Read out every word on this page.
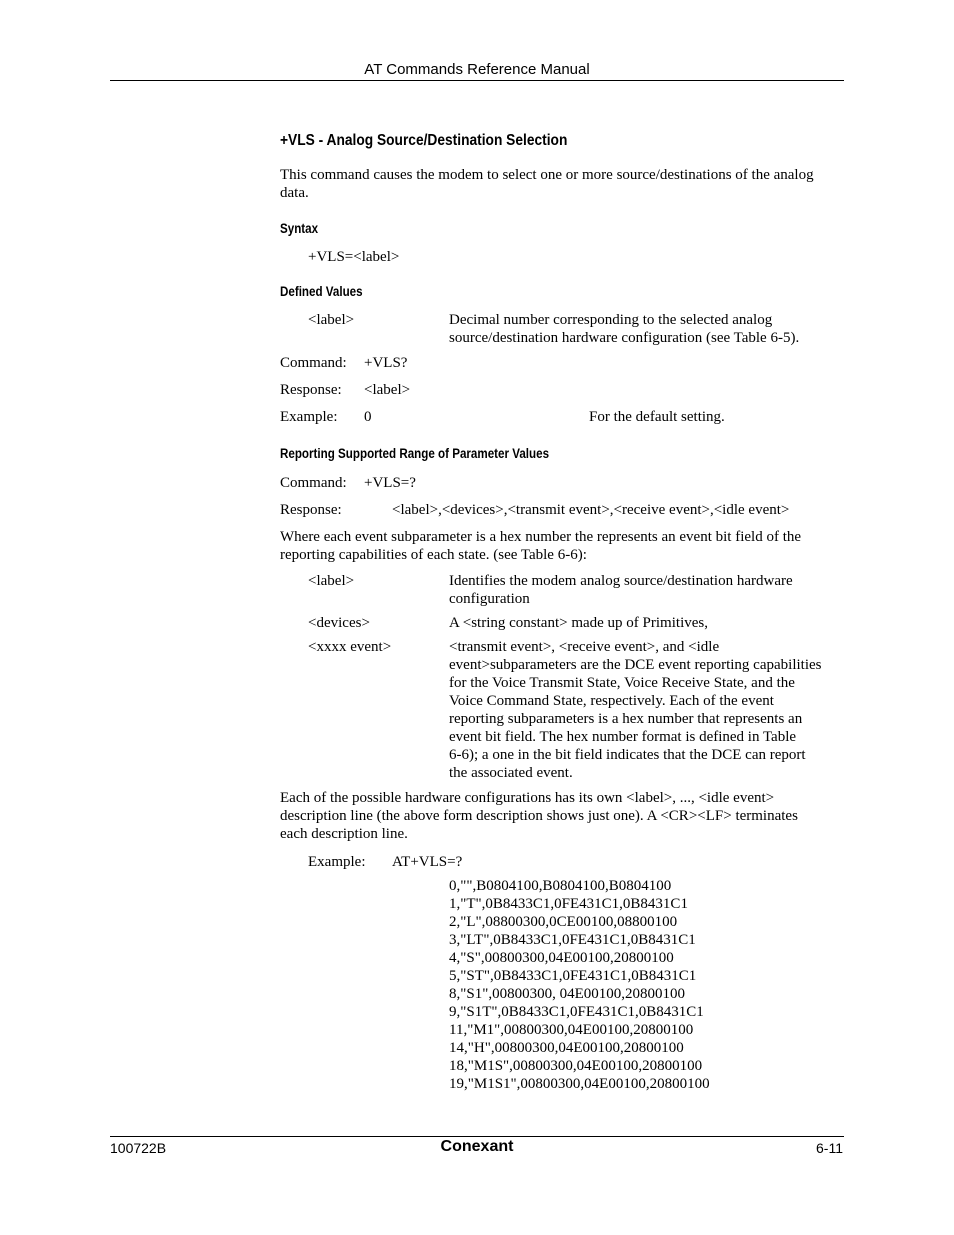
AT Commands Reference Manual
+VLS - Analog Source/Destination Selection
This command causes the modem to select one or more source/destinations of the analog
data.
Syntax
+VLS=<label>
Defined Values
<label>	Decimal number corresponding to the selected analog
source/destination hardware configuration (see Table 6-5).
Command: +VLS?
Response: <label>
Example: 0	For the default setting.
Reporting Supported Range of Parameter Values
Command: +VLS=?
Response:	<label>,<devices>,<transmit event>,<receive event>,<idle event>
Where each event subparameter is a hex number the represents an event bit field of the
reporting capabilities of each state. (see Table 6-6):
<label>	Identifies the modem analog source/destination hardware
configuration
<devices>	A <string constant> made up of Primitives,
<xxxx event>	<transmit event>, <receive event>, and <idle
event>subparameters are the DCE event reporting capabilities
for the Voice Transmit State, Voice Receive State, and the
Voice Command State, respectively. Each of the event
reporting subparameters is a hex number that represents an
event bit field. The hex number format is defined in Table
6-6); a one in the bit field indicates that the DCE can report
the associated event.
Each of the possible hardware configurations has its own <label>, ..., <idle event>
description line (the above form description shows just one). A <CR><LF> terminates
each description line.
Example: AT+VLS=?
0,"",B0804100,B0804100,B0804100
1,"T",0B8433C1,0FE431C1,0B8431C1
2,"L",08800300,0CE00100,08800100
3,"LT",0B8433C1,0FE431C1,0B8431C1
4,"S",00800300,04E00100,20800100
5,"ST",0B8433C1,0FE431C1,0B8431C1
8,"S1",00800300, 04E00100,20800100
9,"S1T",0B8433C1,0FE431C1,0B8431C1
11,"M1",00800300,04E00100,20800100
14,"H",00800300,04E00100,20800100
18,"M1S",00800300,04E00100,20800100
19,"M1S1",00800300,04E00100,20800100
100722B	Conexant	6-11
